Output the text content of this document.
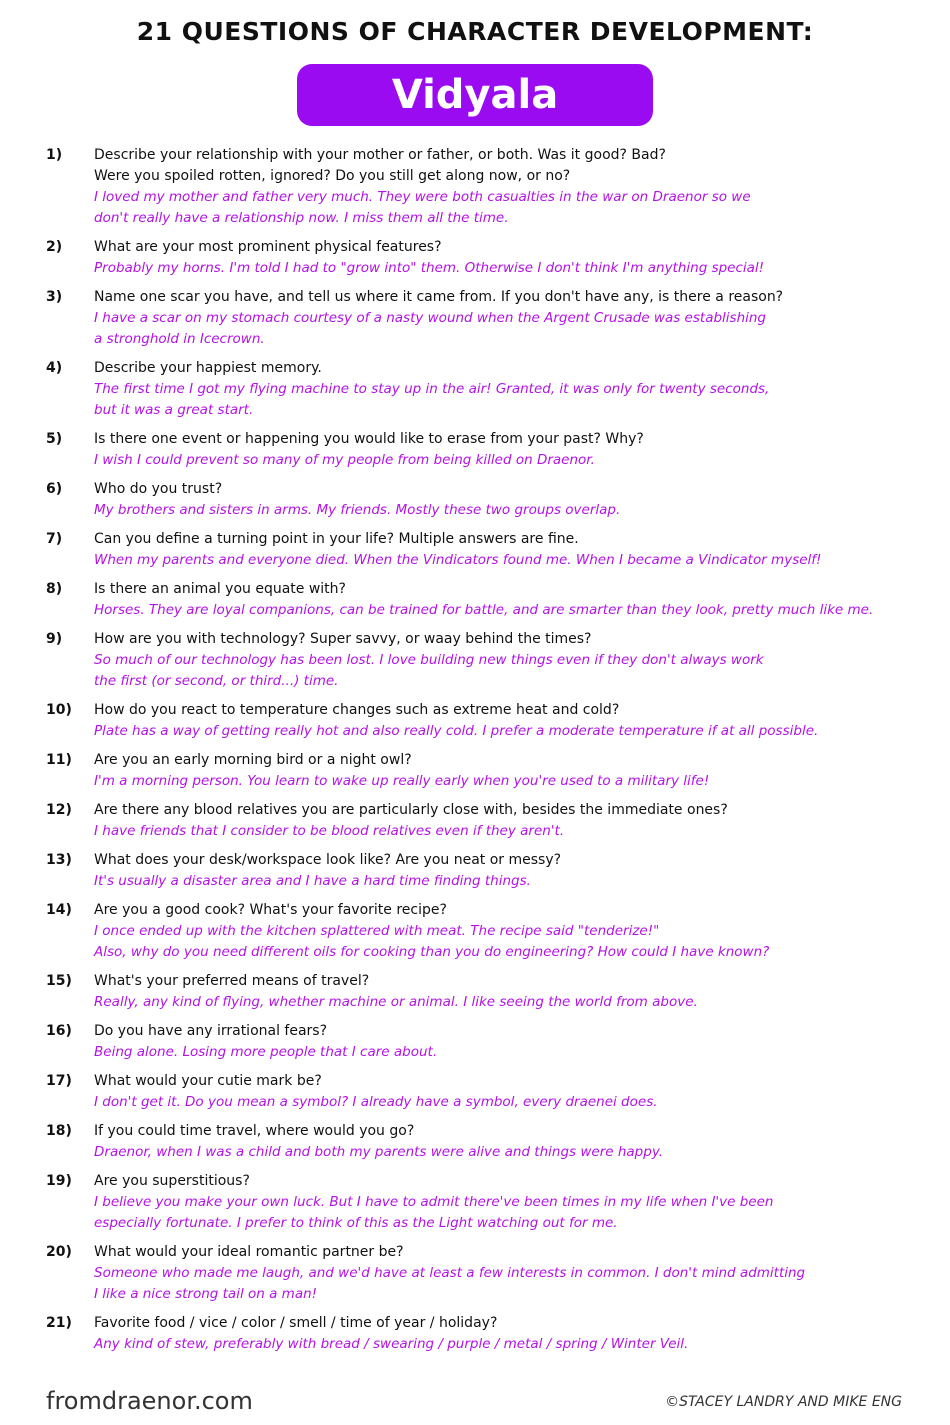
21 QUESTIONS OF CHARACTER DEVELOPMENT:
Vidyala
1)	Describe your relationship with your mother or father, or both. Was it good? Bad?
Were you spoiled rotten, ignored? Do you still get along now, or no?
I loved my mother and father very much. They were both casualties in the war on Draenor so we
don't really have a relationship now. I miss them all the time.
2)	What are your most prominent physical features?
Probably my horns. I'm told I had to "grow into" them. Otherwise I don't think I'm anything special!
3)	Name one scar you have, and tell us where it came from. If you don't have any, is there a reason?
I have a scar on my stomach courtesy of a nasty wound when the Argent Crusade was establishing
a stronghold in Icecrown.
4)	Describe your happiest memory.
The first time I got my flying machine to stay up in the air! Granted, it was only for twenty seconds,
but it was a great start.
5)	Is there one event or happening you would like to erase from your past? Why?
I wish I could prevent so many of my people from being killed on Draenor.
6)	Who do you trust?
My brothers and sisters in arms. My friends. Mostly these two groups overlap.
7)	Can you define a turning point in your life? Multiple answers are fine.
When my parents and everyone died. When the Vindicators found me. When I became a Vindicator myself!
8)	Is there an animal you equate with?
Horses. They are loyal companions, can be trained for battle, and are smarter than they look, pretty much like me.
9)	How are you with technology? Super savvy, or waay behind the times?
So much of our technology has been lost. I love building new things even if they don't always work
the first (or second, or third...) time.
10)	How do you react to temperature changes such as extreme heat and cold?
Plate has a way of getting really hot and also really cold. I prefer a moderate temperature if at all possible.
11)	Are you an early morning bird or a night owl?
I'm a morning person. You learn to wake up really early when you're used to a military life!
12)	Are there any blood relatives you are particularly close with, besides the immediate ones?
I have friends that I consider to be blood relatives even if they aren't.
13)	What does your desk/workspace look like? Are you neat or messy?
It's usually a disaster area and I have a hard time finding things.
14)	Are you a good cook? What's your favorite recipe?
I once ended up with the kitchen splattered with meat. The recipe said "tenderize!"
Also, why do you need different oils for cooking than you do engineering? How could I have known?
15)	What's your preferred means of travel?
Really, any kind of flying, whether machine or animal. I like seeing the world from above.
16)	Do you have any irrational fears?
Being alone. Losing more people that I care about.
17)	What would your cutie mark be?
I don't get it. Do you mean a symbol? I already have a symbol, every draenei does.
18)	If you could time travel, where would you go?
Draenor, when I was a child and both my parents were alive and things were happy.
19)	Are you superstitious?
I believe you make your own luck. But I have to admit there've been times in my life when I've been
especially fortunate. I prefer to think of this as the Light watching out for me.
20)	What would your ideal romantic partner be?
Someone who made me laugh, and we'd have at least a few interests in common. I don't mind admitting
I like a nice strong tail on a man!
21)	Favorite food / vice / color / smell / time of year / holiday?
Any kind of stew, preferably with bread / swearing / purple / metal / spring / Winter Veil.
fromdraenor.com	©STACEY LANDRY AND MIKE ENG
